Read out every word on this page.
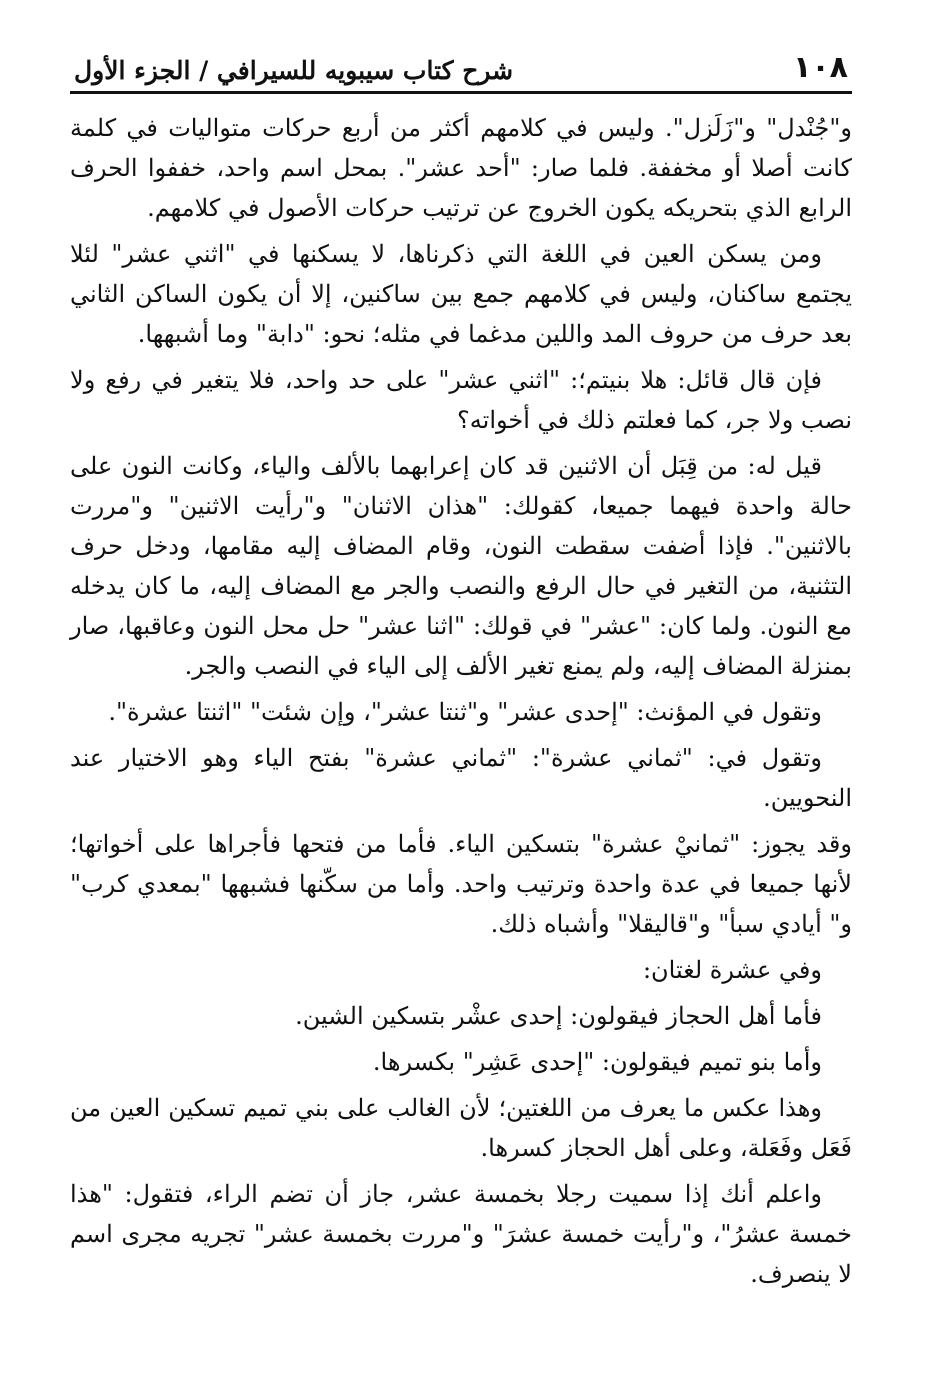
١٠٨
شرح كتاب سيبويه للسيرافي / الجزء الأول

و"جُنْدل" و"زَلَزل". وليس في كلامهم أكثر من أربع حركات متواليات في كلمة كانت أصلا أو مخففة. فلما صار: "أحد عشر". بمحل اسم واحد، خففوا الحرف الرابع الذي بتحريكه يكون الخروج عن ترتيب حركات الأصول في كلامهم.

ومن يسكن العين في اللغة التي ذكرناها، لا يسكنها في "اثني عشر" لئلا يجتمع ساكنان، وليس في كلامهم جمع بين ساكنين، إلا أن يكون الساكن الثاني بعد حرف من حروف المد واللين مدغما في مثله؛ نحو: "دابة" وما أشبهها.

فإن قال قائل: هلا بنيتم؛: "اثني عشر" على حد واحد، فلا يتغير في رفع ولا نصب ولا جر، كما فعلتم ذلك في أخواته؟

قيل له: من قِبَل أن الاثنين قد كان إعرابهما بالألف والياء، وكانت النون على حالة واحدة فيهما جميعا، كقولك: "هذان الاثنان" و"رأيت الاثنين" و"مررت بالاثنين". فإذا أضفت سقطت النون، وقام المضاف إليه مقامها، ودخل حرف التثنية، من التغير في حال الرفع والنصب والجر مع المضاف إليه، ما كان يدخله مع النون. ولما كان: "عشر" في قولك: "اثنا عشر" حل محل النون وعاقبها، صار بمنزلة المضاف إليه، ولم يمنع تغير الألف إلى الياء في النصب والجر.

وتقول في المؤنث: "إحدى عشر" و"ثنتا عشر"، وإن شئت" "اثنتا عشرة".

وتقول في: "ثماني عشرة": "ثماني عشرة" بفتح الياء وهو الاختيار عند النحويين.

وقد يجوز: "ثمانيْ عشرة" بتسكين الياء. فأما من فتحها فأجراها على أخواتها؛ لأنها جميعا في عدة واحدة وترتيب واحد. وأما من سكّنها فشبهها "بمعدي كرب" و" أيادي سبأ" و"قاليقلا" وأشباه ذلك.

وفي عشرة لغتان:

فأما أهل الحجاز فيقولون: إحدى عشْر بتسكين الشين.

وأما بنو تميم فيقولون: "إحدى عَشِر" بكسرها.

وهذا عكس ما يعرف من اللغتين؛ لأن الغالب على بني تميم تسكين العين من فَعَل وفَعَلة، وعلى أهل الحجاز كسرها.

واعلم أنك إذا سميت رجلا بخمسة عشر، جاز أن تضم الراء، فتقول: "هذا خمسة عشرُ"، و"رأيت خمسة عشرَ" و"مررت بخمسة عشر" تجريه مجرى اسم لا ينصرف.
